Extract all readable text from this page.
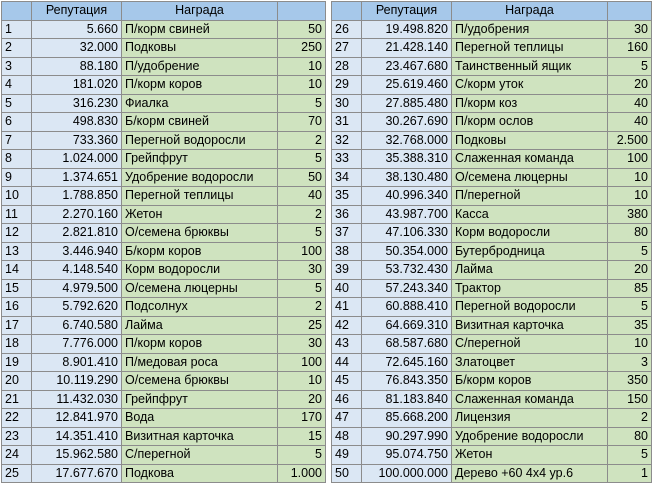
	Репутация	Награда	
1	5.660	П/корм свиней	50
2	32.000	Подковы	250
3	88.180	П/удобрение	10
4	181.020	П/корм коров	10
5	316.230	Фиалка	5
6	498.830	Б/корм свиней	70
7	733.360	Перегной водоросли	2
8	1.024.000	Грейпфрут	5
9	1.374.651	Удобрение водоросли	50
10	1.788.850	Перегной теплицы	40
11	2.270.160	Жетон	2
12	2.821.810	О/семена брюквы	5
13	3.446.940	Б/корм коров	100
14	4.148.540	Корм водоросли	30
15	4.979.500	О/семена люцерны	5
16	5.792.620	Подсолнух	2
17	6.740.580	Лайма	25
18	7.776.000	П/корм коров	30
19	8.901.410	П/медовая роса	100
20	10.119.290	О/семена брюквы	10
21	11.432.030	Грейпфрут	20
22	12.841.970	Вода	170
23	14.351.410	Визитная карточка	15
24	15.962.580	С/перегной	5
25	17.677.670	Подкова	1.000
	Репутация	Награда	
26	19.498.820	П/удобрения	30
27	21.428.140	Перегной теплицы	160
28	23.467.680	Таинственный ящик	5
29	25.619.460	С/корм уток	20
30	27.885.480	П/корм коз	40
31	30.267.690	П/корм ослов	40
32	32.768.000	Подковы	2.500
33	35.388.310	Слаженная команда	100
34	38.130.480	О/семена люцерны	10
35	40.996.340	П/перегной	10
36	43.987.700	Касса	380
37	47.106.330	Корм водоросли	80
38	50.354.000	Бутербродница	5
39	53.732.430	Лайма	20
40	57.243.340	Трактор	85
41	60.888.410	Перегной водоросли	5
42	64.669.310	Визитная карточка	35
43	68.587.680	С/перегной	10
44	72.645.160	Златоцвет	3
45	76.843.350	Б/корм коров	350
46	81.183.840	Слаженная команда	150
47	85.668.200	Лицензия	2
48	90.297.990	Удобрение водоросли	80
49	95.074.750	Жетон	5
50	100.000.000	Дерево +60 4х4 ур.6	1
